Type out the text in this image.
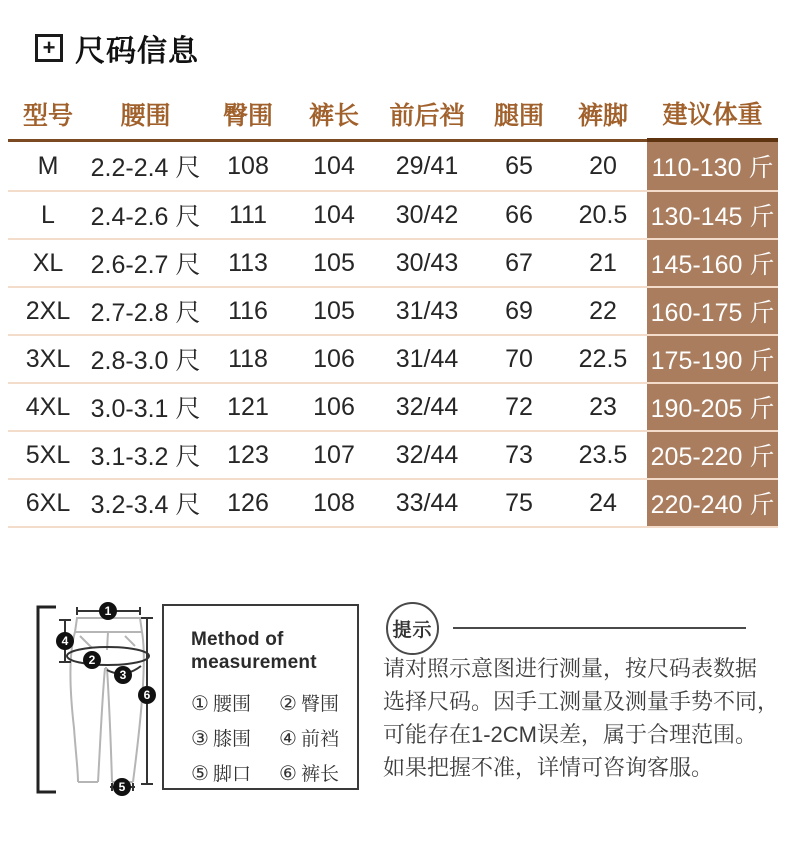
+ 尺码信息
型号	腰围	臀围	裤长	前后裆	腿围	裤脚	建议体重
M	2.2-2.4 尺	108	104	29/41	65	20	110-130 斤
L	2.4-2.6 尺	111	104	30/42	66	20.5 130-145 斤
XL	2.6-2.7 尺	113	105	30/43	67	21	145-160 斤
2XL 2.7-2.8 尺	116	105	31/43	69	22	160-175 斤
3XL 2.8-3.0 尺	118	106	31/44	70	22.5 175-190 斤
4XL 3.0-3.1 尺	121	106	32/44	72	23	190-205 斤
5XL 3.1-3.2 尺	123	107	32/44	73	23.5 205-220 斤
6XL 3.2-3.4 尺	126	108	33/44	75	24	220-240 斤
1
2
3
4
5
6
Method of
measurement
① 腰围	② 臀围
③ 膝围	④ 前裆
⑤ 脚口	⑥ 裤长
提示
请对照示意图进行测量，按尺码表数据
选择尺码。因手工测量及测量手势不同，
可能存在1-2CM误差，属于合理范围。
如果把握不准，详情可咨询客服。
